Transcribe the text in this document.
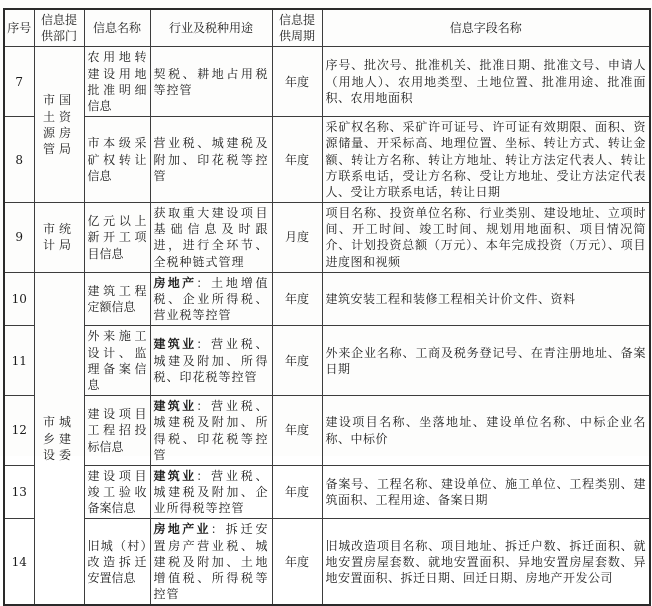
序号	信息提供部门	信息名称	行业及税种用途	信息提供周期	信息字段名称
7	市国土资源房管局	农用地转建设用地批准明细信息	契税、耕地占用税等控管	年度	序号、批次号、批准机关、批准日期、批准文号、申请人（用地人）、农用地类型、土地位置、批准用途、批准面积、农用地面积
8		市本级采矿权转让信息	营业税、城建税及附加、印花税等控管	年度	采矿权名称、采矿许可证号、许可证有效期限、面积、资源储量、开采标高、地理位置、坐标、转让方式、转让金额、转让方名称、转让方地址、转让方法定代表人、转让方联系电话，受让方名称、受让方地址、受让方法定代表人、受让方联系电话，转让日期
9	市统计局	亿元以上新开工项目信息	获取重大建设项目基础信息及时跟进，进行全环节、全税种链式管理	月度	项目名称、投资单位名称、行业类别、建设地址、立项时间、开工时间、竣工时间、规划用地面积、项目情况简介、计划投资总额（万元）、本年完成投资（万元）、项目进度图和视频
10	市城乡建设委	建筑工程定额信息	房地产：土地增值税、企业所得税、营业税等控管	年度	建筑安装工程和装修工程相关计价文件、资料
11		外来施工设计、监理备案信息	建筑业：营业税、城建及附加、所得税、印花税等控管	年度	外来企业名称、工商及税务登记号、在青注册地址、备案日期
12		建设项目工程招投标信息	建筑业：营业税、城建税及附加、所得税、印花税等控管	年度	建设项目名称、坐落地址、建设单位名称、中标企业名称、中标价
13		建设项目竣工验收备案信息	建筑业：营业税、城建税及附加、企业所得税等控管	年度	备案号、工程名称、建设单位、施工单位、工程类别、建筑面积、工程用途、备案日期
14		旧城（村）改造拆迁安置信息	房地产业：拆迁安置房产营业税、城建税及附加、土地增值税、所得税等控管	年度	旧城改造项目名称、项目地址、拆迁户数、拆迁面积、就地安置房屋套数、就地安置面积、异地安置房屋套数、异地安置面积、拆迁日期、回迁日期、房地产开发公司
